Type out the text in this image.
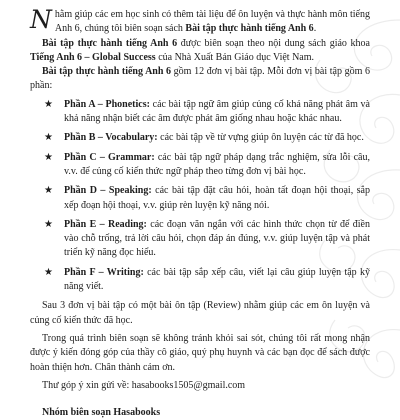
Nhằm giúp các em học sinh có thêm tài liệu để ôn luyện và thực hành môn tiếng Anh 6, chúng tôi biên soạn sách Bài tập thực hành tiếng Anh 6.

Bài tập thực hành tiếng Anh 6 được biên soạn theo nội dung sách giáo khoa Tiếng Anh 6 – Global Success của Nhà Xuất Bản Giáo dục Việt Nam.

Bài tập thực hành tiếng Anh 6 gồm 12 đơn vị bài tập. Mỗi đơn vị bài tập gồm 6 phần:

★ Phần A – Phonetics: các bài tập ngữ âm giúp củng cố khả năng phát âm và khả năng nhận biết các âm được phát âm giống nhau hoặc khác nhau.
★ Phần B – Vocabulary: các bài tập về từ vựng giúp ôn luyện các từ đã học.
★ Phần C – Grammar: các bài tập ngữ pháp dạng trắc nghiệm, sửa lỗi câu, v.v. để củng cố kiến thức ngữ pháp theo từng đơn vị bài học.
★ Phần D – Speaking: các bài tập đặt câu hỏi, hoàn tất đoạn hội thoại, sắp xếp đoạn hội thoại, v.v. giúp rèn luyện kỹ năng nói.
★ Phần E – Reading: các đoạn văn ngắn với các hình thức chọn từ để điền vào chỗ trống, trả lời câu hỏi, chọn đáp án đúng, v.v. giúp luyện tập và phát triển kỹ năng đọc hiểu.
★ Phần F – Writing: các bài tập sắp xếp câu, viết lại câu giúp luyện tập kỹ năng viết.

Sau 3 đơn vị bài tập có một bài ôn tập (Review) nhằm giúp các em ôn luyện và củng cố kiến thức đã học.

Trong quá trình biên soạn sẽ không tránh khỏi sai sót, chúng tôi rất mong nhận được ý kiến đóng góp của thầy cô giáo, quý phụ huynh và các bạn đọc để sách được hoàn thiện hơn. Chân thành cảm ơn.

Thư góp ý xin gửi về: hasabooks1505@gmail.com

Nhóm biên soạn Hasabooks
